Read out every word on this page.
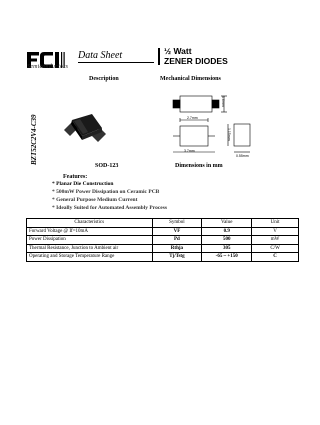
Semiconductors
Data Sheet	½ Watt
ZENER DIODES
Description	Mechanical Dimensions
BZT52C2V4-C39	2.7mm
3.7mm
1.6mm
1.15mm
0.55mm
SOD-123	Dimensions in mm
Features:
* Planar Die Construction
* 500mW Power Dissipation on Ceramic PCB
* General Purpose Medium Current
* Ideally Suited for Automated Assembly Process
Characteristics	Symbol	Value	Unit
Forward Voltage @ If=10mA	VF	0.9	V
Power Dissipation	Pd	500	mW
Thermal Resistance, Junction to Ambient air	Rthja	305	C/W
Operating and Storage Temperature Range	Tj/Tstg	-65 ~ +150	C
